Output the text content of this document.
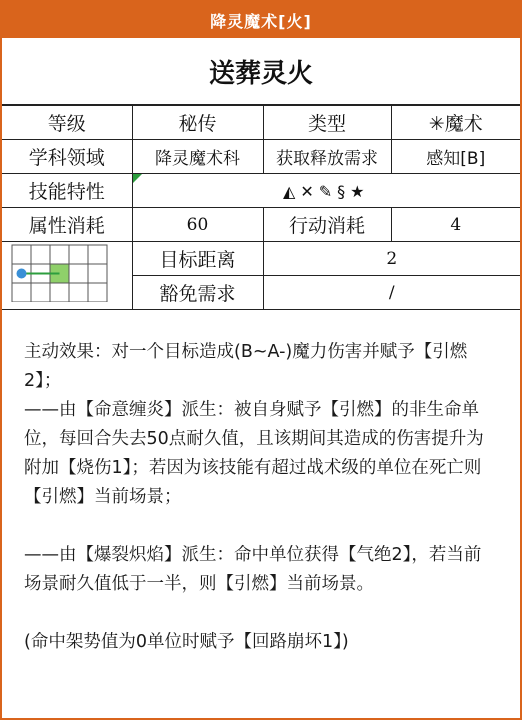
降灵魔术[火]
送葬灵火
等级	秘传	类型	✳魔术
学科领域	降灵魔术科	获取释放需求	感知[B]
技能特性	◭✕✎§★		
属性消耗	60	行动消耗	4
	目标距离	2	
	豁免需求	/	

主动效果：对一个目标造成(B~A-)魔力伤害并赋予【引燃2】；

——由【命意缠炎】派生：被自身赋予【引燃】的非生命单位，每回合失去50点耐久值，且该期间其造成的伤害提升为附加【烧伤1】；若因为该技能有超过战术级的单位在死亡则【引燃】当前场景；

——由【爆裂炽焰】派生：命中单位获得【气绝2】，若当前场景耐久值低于一半，则【引燃】当前场景。

(命中架势值为0单位时赋予【回路崩坏1】)
